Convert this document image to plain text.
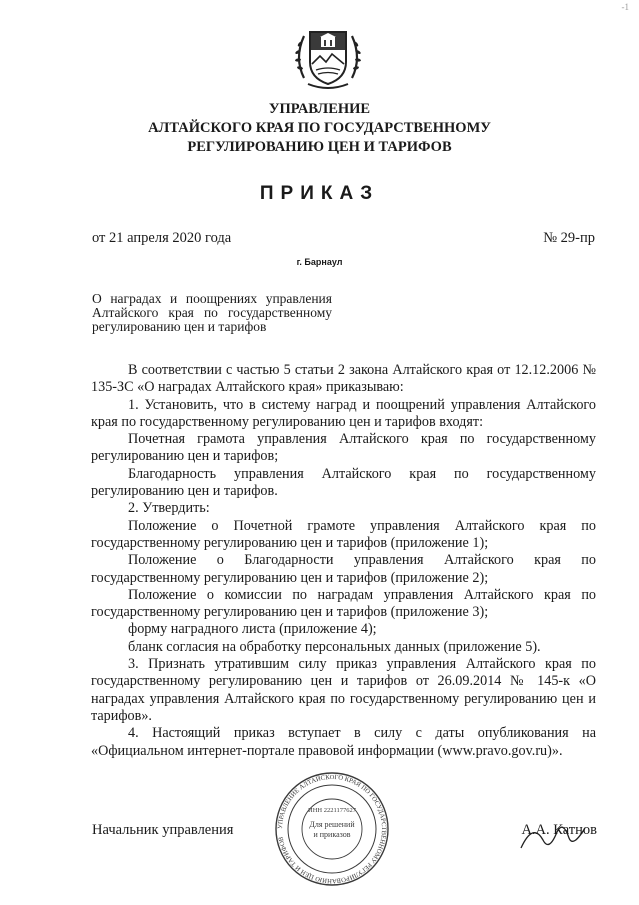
-1
УПРАВЛЕНИЕ
АЛТАЙСКОГО КРАЯ ПО ГОСУДАРСТВЕННОМУ
РЕГУЛИРОВАНИЮ ЦЕН И ТАРИФОВ
ПРИКАЗ
от 21 апреля 2020 года	№ 29-пр
г. Барнаул

О наградах и поощрениях управления Алтайского края по государственному регулированию цен и тарифов

В соответствии с частью 5 статьи 2 закона Алтайского края от 12.12.2006 № 135-ЗС «О наградах Алтайского края» приказываю:

1. Установить, что в систему наград и поощрений управления Алтайского края по государственному регулированию цен и тарифов входят:

Почетная грамота управления Алтайского края по государственному регулированию цен и тарифов;

Благодарность управления Алтайского края по государственному регулированию цен и тарифов.

2. Утвердить:

Положение о Почетной грамоте управления Алтайского края по государственному регулированию цен и тарифов (приложение 1);

Положение о Благодарности управления Алтайского края по государственному регулированию цен и тарифов (приложение 2);

Положение о комиссии по наградам управления Алтайского края по государственному регулированию цен и тарифов (приложение 3);

форму наградного листа (приложение 4);

бланк согласия на обработку персональных данных (приложение 5).

3. Признать утратившим силу приказ управления Алтайского края по государственному регулированию цен и тарифов от 26.09.2014 № 145-к «О наградах управления Алтайского края по государственному регулированию цен и тарифов».

4. Настоящий приказ вступает в силу с даты опубликования на «Официальном интернет-портале правовой информации (www.pravo.gov.ru)».

УПРАВЛЕНИЕ АЛТАЙСКОГО КРАЯ ПО ГОСУДАРСТВЕННОМУ РЕГУЛИРОВАНИЮ ЦЕН И ТАРИФОВ
ИНН 2221177627
Для решений
и приказов
Начальник управления	А.А. Катнов
